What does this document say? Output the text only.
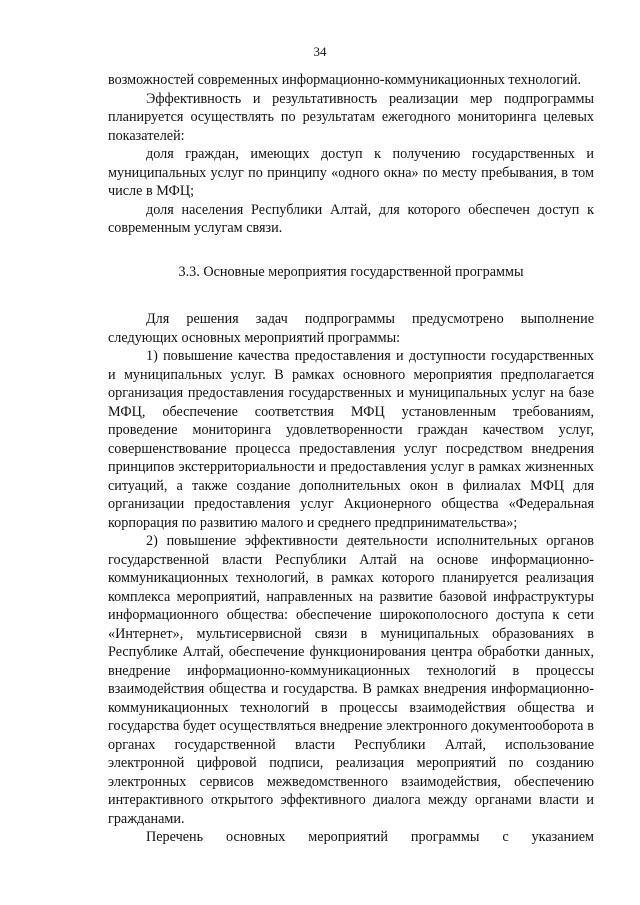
34

возможностей современных информационно-коммуникационных технологий.

Эффективность и результативность реализации мер подпрограммы планируется осуществлять по результатам ежегодного мониторинга целевых показателей:

доля граждан, имеющих доступ к получению государственных и муниципальных услуг по принципу «одного окна» по месту пребывания, в том числе в МФЦ;

доля населения Республики Алтай, для которого обеспечен доступ к современным услугам связи.

3.3. Основные мероприятия государственной программы

Для решения задач подпрограммы предусмотрено выполнение следующих основных мероприятий программы:

1) повышение качества предоставления и доступности государственных и муниципальных услуг. В рамках основного мероприятия предполагается организация предоставления государственных и муниципальных услуг на базе МФЦ, обеспечение соответствия МФЦ установленным требованиям, проведение мониторинга удовлетворенности граждан качеством услуг, совершенствование процесса предоставления услуг посредством внедрения принципов экстерриториальности и предоставления услуг в рамках жизненных ситуаций, а также создание дополнительных окон в филиалах МФЦ для организации предоставления услуг Акционерного общества «Федеральная корпорация по развитию малого и среднего предпринимательства»;

2) повышение эффективности деятельности исполнительных органов государственной власти Республики Алтай на основе информационно-коммуникационных технологий, в рамках которого планируется реализация комплекса мероприятий, направленных на развитие базовой инфраструктуры информационного общества: обеспечение широкополосного доступа к сети «Интернет», мультисервисной связи в муниципальных образованиях в Республике Алтай, обеспечение функционирования центра обработки данных, внедрение информационно-коммуникационных технологий в процессы взаимодействия общества и государства. В рамках внедрения информационно-коммуникационных технологий в процессы взаимодействия общества и государства будет осуществляться внедрение электронного документооборота в органах государственной власти Республики Алтай, использование электронной цифровой подписи, реализация мероприятий по созданию электронных сервисов межведомственного взаимодействия, обеспечению интерактивного открытого эффективного диалога между органами власти и гражданами.

Перечень основных мероприятий программы с указанием
